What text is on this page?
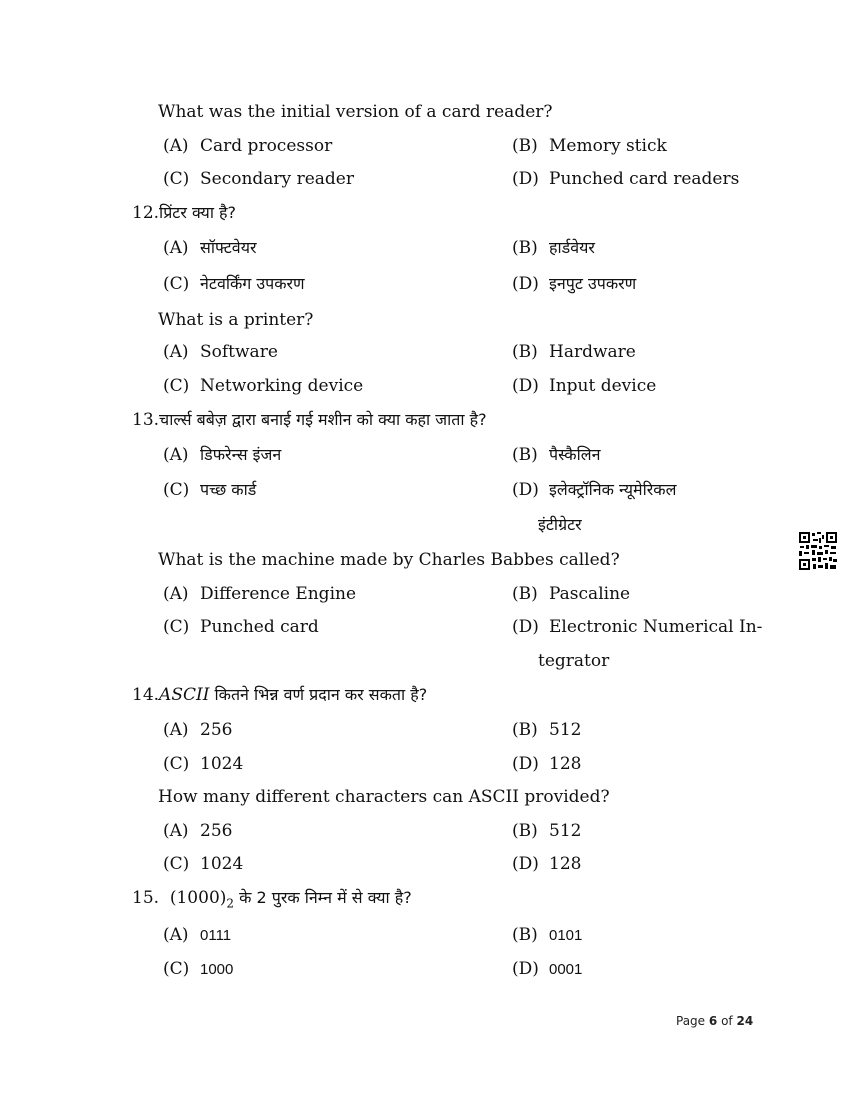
What was the initial version of a card reader?
(A) Card processor	(B) Memory stick
(C) Secondary reader	(D) Punched card readers
12.प्रिंटर क्या है?
(A) सॉफ्टवेयर	(B) हार्डवेयर
(C) नेटवर्किंग उपकरण	(D) इनपुट उपकरण
What is a printer?
(A) Software	(B) Hardware
(C) Networking device	(D) Input device
13.चार्ल्स बबेज़ द्वारा बनाई गई मशीन को क्या कहा जाता है?
(A) डिफरेन्स इंजन	(B) पैस्कैलिन
(C) पच्छ कार्ड	(D) इलेक्ट्रॉनिक न्यूमेरिकल
इंटीग्रेटर
What is the machine made by Charles Babbes called?
(A) Difference Engine	(B) Pascaline
(C) Punched card	(D) Electronic Numerical In-
tegrator
14.ASCII कितने भिन्न वर्ण प्रदान कर सकता है?
(A) 256	(B) 512
(C) 1024	(D) 128
How many different characters can ASCII provided?
(A) 256	(B) 512
(C) 1024	(D) 128
15. $(1000)_2$ के 2 पुरक निम्न में से क्या है?
(A) 0111	(B) 0101
(C) 1000	(D) 0001
Page 6 of 24
